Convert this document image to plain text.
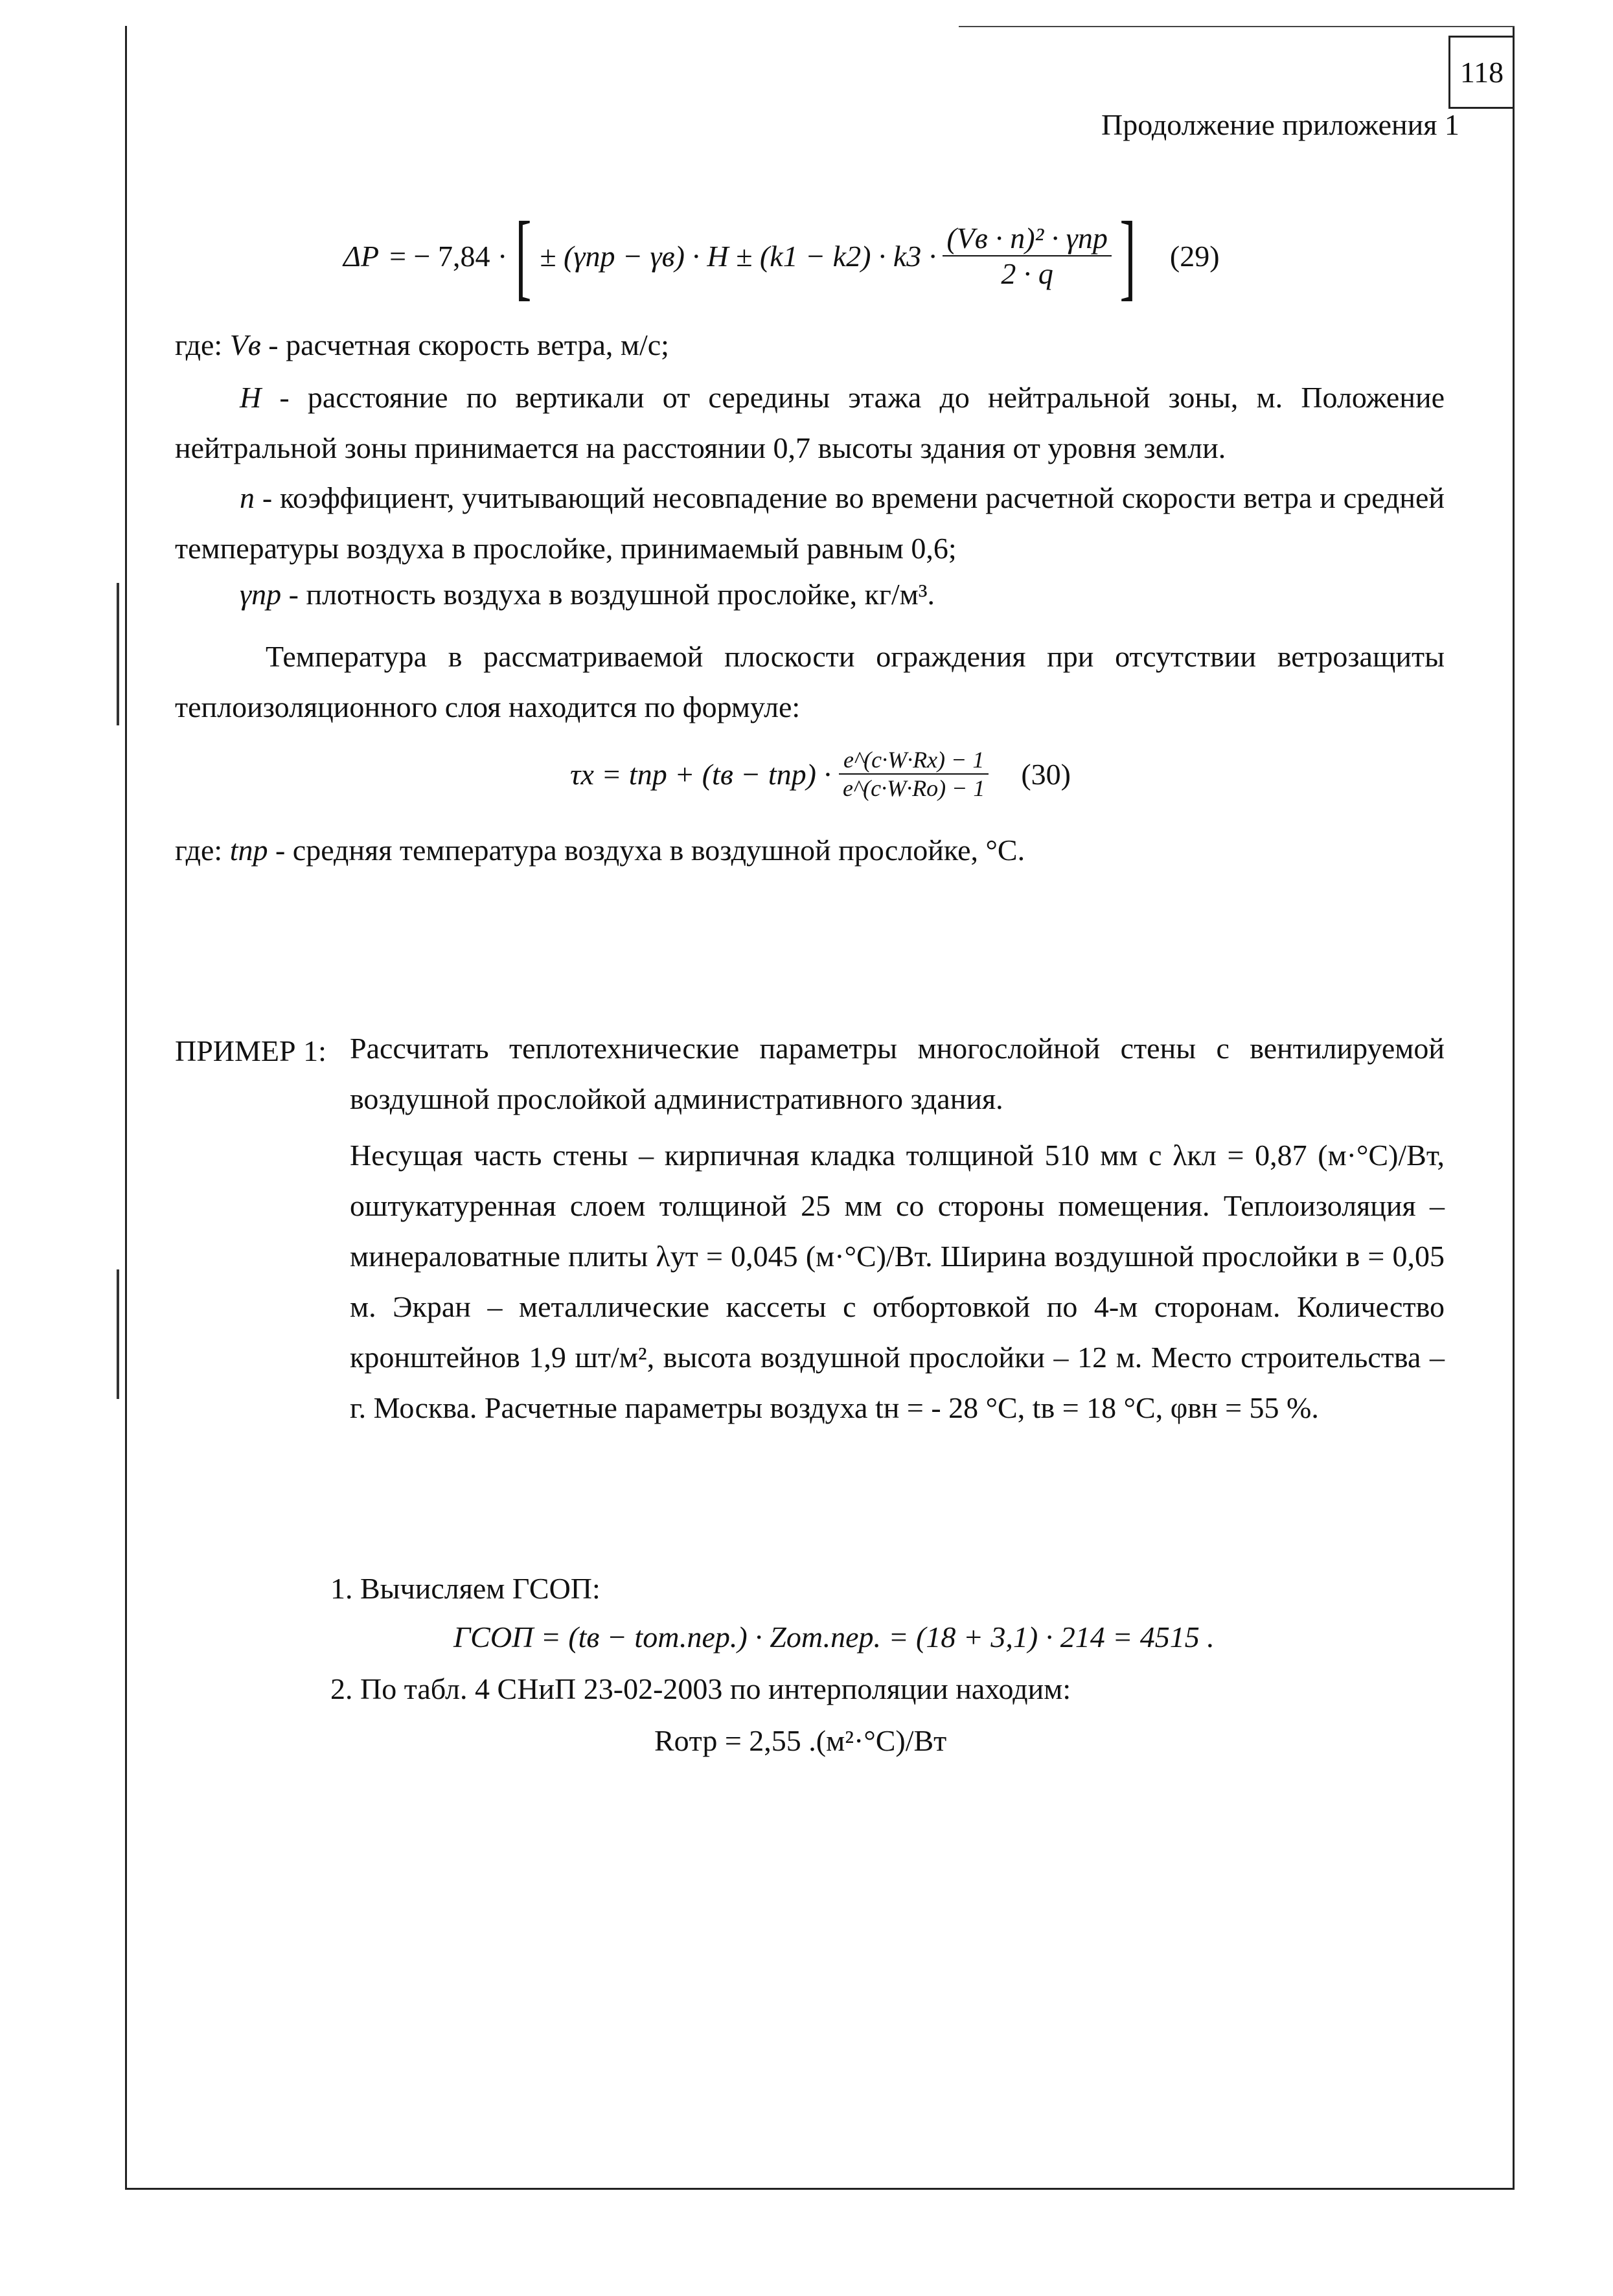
118
Продолжение приложения 1
ΔP = − 7,84 · [ ± $(\gamma пр - \gamma в) \cdot H \pm (k1 - k2) \cdot k3 \cdot \frac{\text{(Vв · n)² · γпр}}{2 \cdot q}$ ] (29)
где: Vв - расчетная скорость ветра, м/с;
H - расстояние по вертикали от середины этажа до нейтральной зоны, м. Положение нейтральной зоны принимается на расстоянии 0,7 высоты здания от уровня земли.
n - коэффициент, учитывающий несовпадение во времени расчетной скорости ветра и средней температуры воздуха в прослойке, принимаемый равным 0,6;
γпр - плотность воздуха в воздушной прослойке, кг/м³.
Температура в рассматриваемой плоскости ограждения при отсутствии ветрозащиты теплоизоляционного слоя находится по формуле:
τx = tпр + $(tв - tпр) \cdot \frac{e\^{}(c\cdot W\cdot Rx) - 1}{e\^{}(c\cdot W\cdot Ro) - 1} (30)$
где: tпр - средняя температура воздуха в воздушной прослойке, °С.
ПРИМЕР 1: Рассчитать теплотехнические параметры многослойной стены с вентилируемой воздушной прослойкой административного здания.
Несущая часть стены – кирпичная кладка толщиной 510 мм с λкл = 0,87 (м·°С)/Вт, оштукатуренная слоем толщиной 25 мм со стороны помещения. Теплоизоляция – минераловатные плиты λут = 0,045 (м·°С)/Вт. Ширина воздушной прослойки в = 0,05 м. Экран – металлические кассеты с отбортовкой по 4-м сторонам. Количество кронштейнов 1,9 шт/м², высота воздушной прослойки – 12 м. Место строительства – г. Москва. Расчетные параметры воздуха tн = - 28 °С, tв = 18 °С, φвн = 55 %.
1. Вычисляем ГСОП:
ГСОП = (tв − tот.пер.) · Zот.пер. = (18 + 3,1) · 214 = 4515 .
2. По табл. 4 СНиП 23-02-2003 по интерполяции находим:
Roтр = 2,55 .(м²·°С)/Вт
